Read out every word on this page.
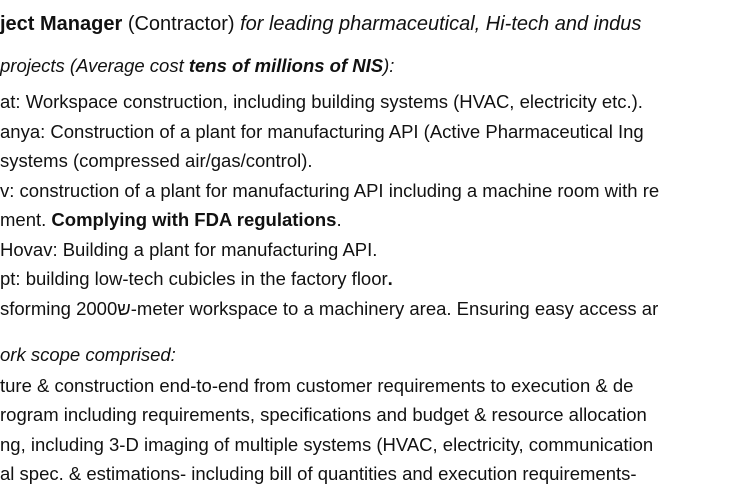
ject Manager (Contractor) for leading pharmaceutical, Hi-tech and indus
projects (Average cost tens of millions of NIS):
at: Workspace construction, including building systems (HVAC, electricity etc.).
anya: Construction of a plant for manufacturing API (Active Pharmaceutical Ing
systems (compressed air/gas/control).
v: construction of a plant for manufacturing API including a machine room with re
ment. Complying with FDA regulations.
Hovav: Building a plant for manufacturing API.
pt: building low-tech cubicles in the factory floor.
sforming ש2000-meter workspace to a machinery area. Ensuring easy access ar
ork scope comprised:
ture & construction end-to-end from customer requirements to execution & de
rogram including requirements, specifications and budget & resource allocation
ng, including 3-D imaging of multiple systems (HVAC, electricity, communication
al spec. & estimations- including bill of quantities and execution requirements-
